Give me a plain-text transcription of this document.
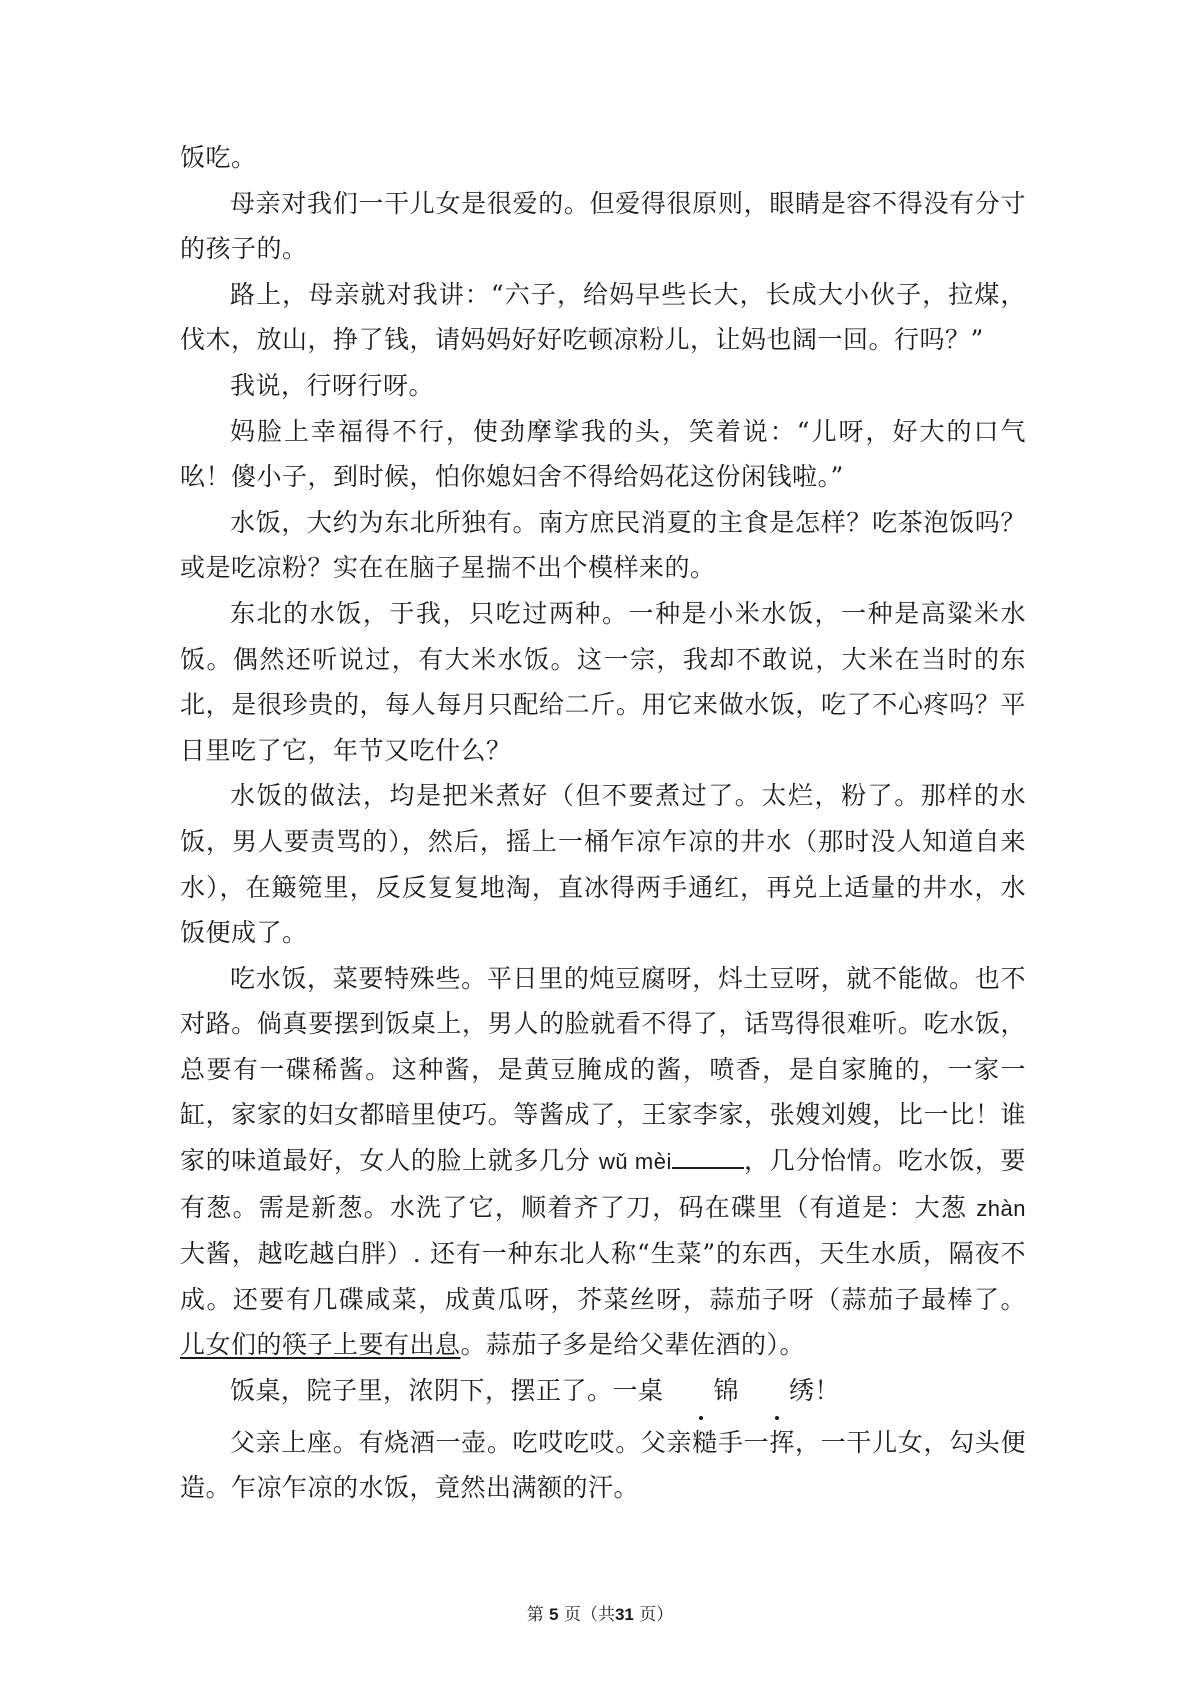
饭吃。

母亲对我们一干儿女是很爱的。但爱得很原则，眼睛是容不得没有分寸的孩子的。

路上，母亲就对我讲：“六子，给妈早些长大，长成大小伙子，拉煤，伐木，放山，挣了钱，请妈妈好好吃顿凉粉儿，让妈也阔一回。行吗？”

我说，行呀行呀。

妈脸上幸福得不行，使劲摩挲我的头，笑着说：“儿呀，好大的口气吆！傻小子，到时候，怕你媳妇舍不得给妈花这份闲钱啦。”

水饭，大约为东北所独有。南方庶民消夏的主食是怎样？吃茶泡饭吗？或是吃凉粉？实在在脑子星揣不出个模样来的。

东北的水饭，于我，只吃过两种。一种是小米水饭，一种是高粱米水饭。偶然还听说过，有大米水饭。这一宗，我却不敢说，大米在当时的东北，是很珍贵的，每人每月只配给二斤。用它来做水饭，吃了不心疼吗？平日里吃了它，年节又吃什么？

水饭的做法，均是把米煮好（但不要煮过了。太烂，粉了。那样的水饭，男人要责骂的），然后，摇上一桶乍凉乍凉的井水（那时没人知道自来水），在簸箢里，反反复复地淘，直冰得两手通红，再兑上适量的井水，水饭便成了。

吃水饭，菜要特殊些。平日里的炖豆腐呀，炓土豆呀，就不能做。也不对路。倘真要摆到饭桌上，男人的脸就看不得了，话骂得很难听。吃水饭，总要有一碟稀酱。这种酱，是黄豆腌成的酱，喷香，是自家腌的，一家一缸，家家的妇女都暗里使巧。等酱成了，王家李家，张嫂刘嫂，比一比！谁家的味道最好，女人的脸上就多几分 wǔ mèi	，几分怡情。吃水饭，要有葱。需是新葱。水洗了它，顺着齐了刀，码在碟里（有道是：大葱 zhàn 大酱，越吃越白胖）. 还有一种东北人称“生菜”的东西，天生水质，隔夜不成。还要有几碟咸菜，成黄瓜呀，芥菜丝呀，蒜茄子呀（蒜茄子最棒了。 儿女们的筷子上要有出息。蒜茄子多是给父辈佐酒的）。

饭桌，院子里，浓阴下，摆正了。一桌 锦 绣！

父亲上座。有烧酒一壶。吃哎吃哎。父亲糙手一挥，一干儿女，勾头便造。乍凉乍凉的水饭，竟然出满额的汗。

第 5 页（共31 页）
